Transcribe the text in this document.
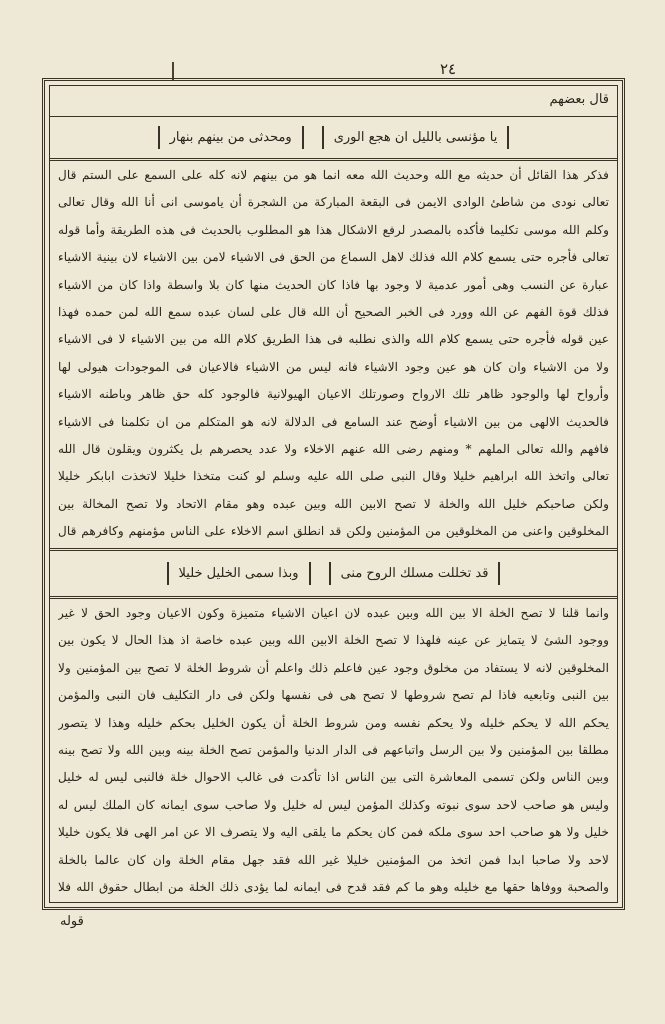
٢٤
قال بعضهم
يا مؤنسى بالليل ان هجع الورى
ومحدثى من بينهم بنهار
فذكر هذا القائل أن حديثه مع الله وحديث الله معه انما هو من بينهم لانه كله على السمع على الستم قال تعالى نودى من شاطئ الوادى الايمن فى البقعة المباركة من الشجرة أن ياموسى انى أنا الله وقال تعالى وكلم الله موسى تكليما فأكده بالمصدر لرفع الاشكال هذا هو المطلوب بالحديث فى هذه الطريقة وأما قوله تعالى فأجره حتى يسمع كلام الله فذلك لاهل السماع من الحق فى الاشياء لامن بين الاشياء لان بينية الاشياء عبارة عن النسب وهى أمور عدمية لا وجود بها فاذا كان الحديث منها كان بلا واسطة واذا كان من الاشياء فذلك قوة الفهم عن الله وورد فى الخبر الصحيح أن الله قال على لسان عبده سمع الله لمن حمده فهذا عين قوله فأجره حتى يسمع كلام الله والذى نطلبه فى هذا الطريق كلام الله من بين الاشياء لا فى الاشياء ولا من الاشياء وان كان هو عين وجود الاشياء فانه ليس من الاشياء فالاعيان فى الموجودات هيولى لها وأرواح لها والوجود ظاهر تلك الارواح وصورتلك الاعيان الهيولانية فالوجود كله حق ظاهر وباطنه الاشياء فالحديث الالهى من بين الاشياء أوضح عند السامع فى الدلالة لانه هو المتكلم من ان تكلمنا فى الاشياء فافهم والله تعالى الملهم * ومنهم رضى الله عنهم الاخلاء ولا عدد يحصرهم بل يكثرون ويقلون قال الله تعالى واتخذ الله ابراهيم خليلا وقال النبى صلى الله عليه وسلم لو كنت متخذا خليلا لاتخذت ابابكر خليلا ولكن صاحبكم خليل الله والخلة لا تصح الابين الله وبين عبده وهو مقام الاتحاد ولا تصح المخالة بين المخلوقين واعنى من المخلوقين من المؤمنين ولكن قد انطلق اسم الاخلاء على الناس مؤمنهم وكافرهم قال
قد تخللت مسلك الروح منى
وبذا سمى الخليل خليلا
وانما قلنا لا تصح الخلة الا بين الله وبين عبده لان اعيان الاشياء متميزة وكون الاعيان وجود الحق لا غير ووجود الشئ لا يتمايز عن عينه فلهذا لا تصح الخلة الابين الله وبين عبده خاصة اذ هذا الحال لا يكون بين المخلوقين لانه لا يستفاد من مخلوق وجود عين فاعلم ذلك واعلم أن شروط الخلة لا تصح بين المؤمنين ولا بين النبى وتابعيه فاذا لم تصح شروطها لا تصح هى فى نفسها ولكن فى دار التكليف فان النبى والمؤمن يحكم الله لا يحكم خليله ولا يحكم نفسه ومن شروط الخلة أن يكون الخليل بحكم خليله وهذا لا يتصور مطلقا بين المؤمنين ولا بين الرسل واتباعهم فى الدار الدنيا والمؤمن تصح الخلة بينه وبين الله ولا تصح بينه وبين الناس ولكن تسمى المعاشرة التى بين الناس اذا تأكدت فى غالب الاحوال خلة فالنبى ليس له خليل وليس هو صاحب لاحد سوى نبوته وكذلك المؤمن ليس له خليل ولا صاحب سوى ايمانه كان الملك ليس له خليل ولا هو صاحب احد سوى ملكه فمن كان يحكم ما يلقى اليه ولا يتصرف الا عن امر الهى فلا يكون خليلا لاحد ولا صاحبا ابدا فمن اتخذ من المؤمنين خليلا غير الله فقد جهل مقام الخلة وان كان عالما بالخلة والصحبة ووفاها حقها مع خليله وهو ما كم فقد قدح فى ايمانه لما يؤدى ذلك الخلة من ابطال حقوق الله فلا
قوله
